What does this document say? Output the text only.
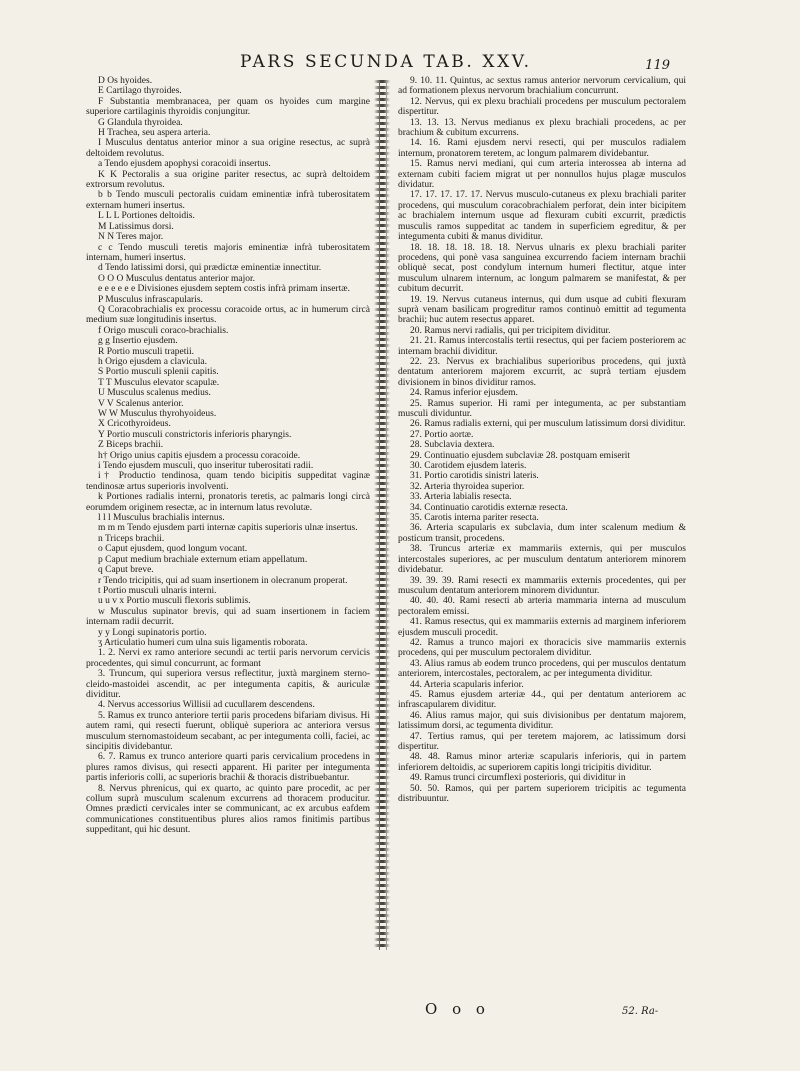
PARS SECUNDA TAB. XXV.	119

D Os hyoides.

E Cartilago thyroides.

F Substantia membranacea, per quam os hyoides cum margine superiore cartilaginis thyroidis conjungitur.

G Glandula thyroidea.

H Trachea, seu aspera arteria.

I Musculus dentatus anterior minor a sua origine resectus, ac suprà deltoidem revolutus.

a Tendo ejusdem apophysi coracoidi insertus.

K K Pectoralis a sua origine pariter resectus, ac suprà deltoidem extrorsum revolutus.

b b Tendo musculi pectoralis cuidam eminentiæ infrà tuberositatem externam humeri insertus.

L L L Portiones deltoidis.

M Latissimus dorsi.

N N Teres major.

c c Tendo musculi teretis majoris eminentiæ infrà tuberositatem internam, humeri insertus.

d Tendo latissimi dorsi, qui prædictæ eminentiæ innectitur.

O O O Musculus dentatus anterior major.

e e e e e e Divisiones ejusdem septem costis infrà primam insertæ.

P Musculus infrascapularis.

Q Coracobrachialis ex processu coracoide ortus, ac in humerum circà medium suæ longitudinis insertus.

f Origo musculi coraco-brachialis.

g g Insertio ejusdem.

R Portio musculi trapetii.

h Origo ejusdem a clavicula.

S Portio musculi splenii capitis.

T T Musculus elevator scapulæ.

U Musculus scalenus medius.

V V Scalenus anterior.

W W Musculus thyrohyoideus.

X Cricothyroideus.

Y Portio musculi constrictoris inferioris pharyngis.

Z Biceps brachii.

h† Origo unius capitis ejusdem a processu coracoide.

i Tendo ejusdem musculi, quo inseritur tuberositati radii.

i† Productio tendinosa, quam tendo bicipitis suppeditat vaginæ tendinosæ artus superioris involventi.

k Portiones radialis interni, pronatoris teretis, ac palmaris longi circà eorumdem originem resectæ, ac in internum latus revolutæ.

l l l Musculus brachialis internus.

m m m Tendo ejusdem parti internæ capitis superioris ulnæ insertus.

n Triceps brachii.

o Caput ejusdem, quod longum vocant.

p Caput medium brachiale externum etiam appellatum.

q Caput breve.

r Tendo tricipitis, qui ad suam insertionem in olecranum properat.

t Portio musculi ulnaris interni.

u u v x Portio musculi flexoris sublimis.

w Musculus supinator brevis, qui ad suam insertionem in faciem internam radii decurrit.

y y Longi supinatoris portio.

ʒ Articulatio humeri cum ulna suis ligamentis roborata.

1. 2. Nervi ex ramo anteriore secundi ac tertii paris nervorum cervicis procedentes, qui simul concurrunt, ac formant

3. Truncum, qui superiora versus reflectitur, juxtà marginem sterno-cleido-mastoidei ascendit, ac per integumenta capitis, & auriculæ dividitur.

4. Nervus accessorius Willisii ad cucullarem descendens.

5. Ramus ex trunco anteriore tertii paris procedens bifariam divisus. Hi autem rami, qui resecti fuerunt, obliquè superiora ac anteriora versus musculum sternomastoideum secabant, ac per integumenta colli, faciei, ac sincipitis dividebantur.

6. 7. Ramus ex trunco anteriore quarti paris cervicalium procedens in plures ramos divisus, qui resecti apparent. Hi pariter per integumenta partis inferioris colli, ac superioris brachii & thoracis distribuebantur.

8. Nervus phrenicus, qui ex quarto, ac quinto pare procedit, ac per collum suprà musculum scalenum excurrens ad thoracem producitur. Omnes prædicti cervicales inter se communicant, ac ex arcubus eafdem communicationes constituentibus plures alios ramos finitimis partibus suppeditant, qui hic desunt.

9. 10. 11. Quintus, ac sextus ramus anterior nervorum cervicalium, qui ad formationem plexus nervorum brachialium concurrunt.

12. Nervus, qui ex plexu brachiali procedens per musculum pectoralem dispertitur.

13. 13. 13. Nervus medianus ex plexu brachiali procedens, ac per brachium & cubitum excurrens.

14. 16. Rami ejusdem nervi resecti, qui per musculos radialem internum, pronatorem teretem, ac longum palmarem dividebantur.

15. Ramus nervi mediani, qui cum arteria interossea ab interna ad externam cubiti faciem migrat ut per nonnullos hujus plagæ musculos dividatur.

17. 17. 17. 17. 17. Nervus musculo-cutaneus ex plexu brachiali pariter procedens, qui musculum coracobrachialem perforat, dein inter bicipitem ac brachialem internum usque ad flexuram cubiti excurrit, prædictis musculis ramos suppeditat ac tandem in superficiem egreditur, & per integumenta cubiti & manus dividitur.

18. 18. 18. 18. 18. 18. Nervus ulnaris ex plexu brachiali pariter procedens, qui ponè vasa sanguinea excurrendo faciem internam brachii obliquè secat, post condylum internum humeri flectitur, atque inter musculum ulnarem internum, ac longum palmarem se manifestat, & per cubitum decurrit.

19. 19. Nervus cutaneus internus, qui dum usque ad cubiti flexuram suprà venam basilicam progreditur ramos continuò emittit ad tegumenta brachii; huc autem resectus apparet.

20. Ramus nervi radialis, qui per tricipitem dividitur.

21. 21. Ramus intercostalis tertii resectus, qui per faciem posteriorem ac internam brachii dividitur.

22. 23. Nervus ex brachialibus superioribus procedens, qui juxtà dentatum anteriorem majorem excurrit, ac suprà tertiam ejusdem divisionem in binos dividitur ramos.

24. Ramus inferior ejusdem.

25. Ramus superior. Hi rami per integumenta, ac per substantiam musculi dividuntur.

26. Ramus radialis externi, qui per musculum latissimum dorsi dividitur.

27. Portio aortæ.

28. Subclavia dextera.

29. Continuatio ejusdem subclaviæ 28. postquam emiserit

30. Carotidem ejusdem lateris.

31. Portio carotidis sinistri lateris.

32. Arteria thyroidea superior.

33. Arteria labialis resecta.

34. Continuatio carotidis externæ resecta.

35. Carotis interna pariter resecta.

36. Arteria scapularis ex subclavia, dum inter scalenum medium & posticum transit, procedens.

38. Truncus arteriæ ex mammariis externis, qui per musculos intercostales superiores, ac per musculum dentatum anteriorem minorem dividebatur.

39. 39. 39. Rami resecti ex mammariis externis procedentes, qui per musculum dentatum anteriorem minorem dividuntur.

40. 40. 40. Rami resecti ab arteria mammaria interna ad musculum pectoralem emissi.

41. Ramus resectus, qui ex mammariis externis ad marginem inferiorem ejusdem musculi procedit.

42. Ramus a trunco majori ex thoracicis sive mammariis externis procedens, qui per musculum pectoralem dividitur.

43. Alius ramus ab eodem trunco procedens, qui per musculos dentatum anteriorem, intercostales, pectoralem, ac per integumenta dividitur.

44. Arteria scapularis inferior.

45. Ramus ejusdem arteriæ 44., qui per dentatum anteriorem ac infrascapularem dividitur.

46. Alius ramus major, qui suis divisionibus per dentatum majorem, latissimum dorsi, ac tegumenta dividitur.

47. Tertius ramus, qui per teretem majorem, ac latissimum dorsi dispertitur.

48. 48. Ramus minor arteriæ scapularis inferioris, qui in partem inferiorem deltoidis, ac superiorem capitis longi tricipitis dividitur.

49. Ramus trunci circumflexi posterioris, qui dividitur in

50. 50. Ramos, qui per partem superiorem tricipitis ac tegumenta distribuuntur.

O o o	52. Ra-
